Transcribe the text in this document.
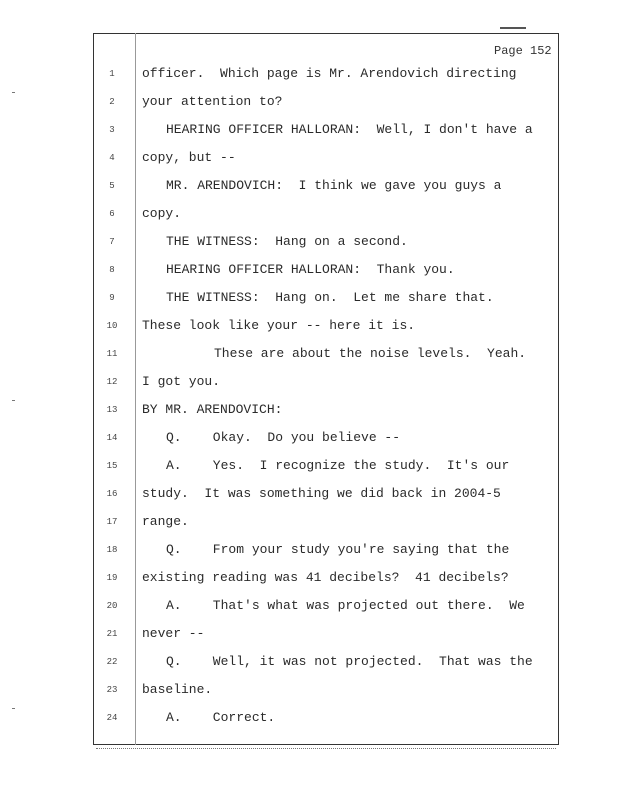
Page 152
1	officer.  Which page is Mr. Arendovich directing
2	your attention to?
3	HEARING OFFICER HALLORAN:  Well, I don't have a
4	copy, but --
5	MR. ARENDOVICH:  I think we gave you guys a
6	copy.
7	THE WITNESS:  Hang on a second.
8	HEARING OFFICER HALLORAN:  Thank you.
9	THE WITNESS:  Hang on.  Let me share that.
10	These look like your -- here it is.
11	These are about the noise levels.  Yeah.
12	I got you.
13	BY MR. ARENDOVICH:
14	Q.    Okay.  Do you believe --
15	A.    Yes.  I recognize the study.  It's our
16	study.  It was something we did back in 2004-5
17	range.
18	Q.    From your study you're saying that the
19	existing reading was 41 decibels?  41 decibels?
20	A.    That's what was projected out there.  We
21	never --
22	Q.    Well, it was not projected.  That was the
23	baseline.
24	A.    Correct.
